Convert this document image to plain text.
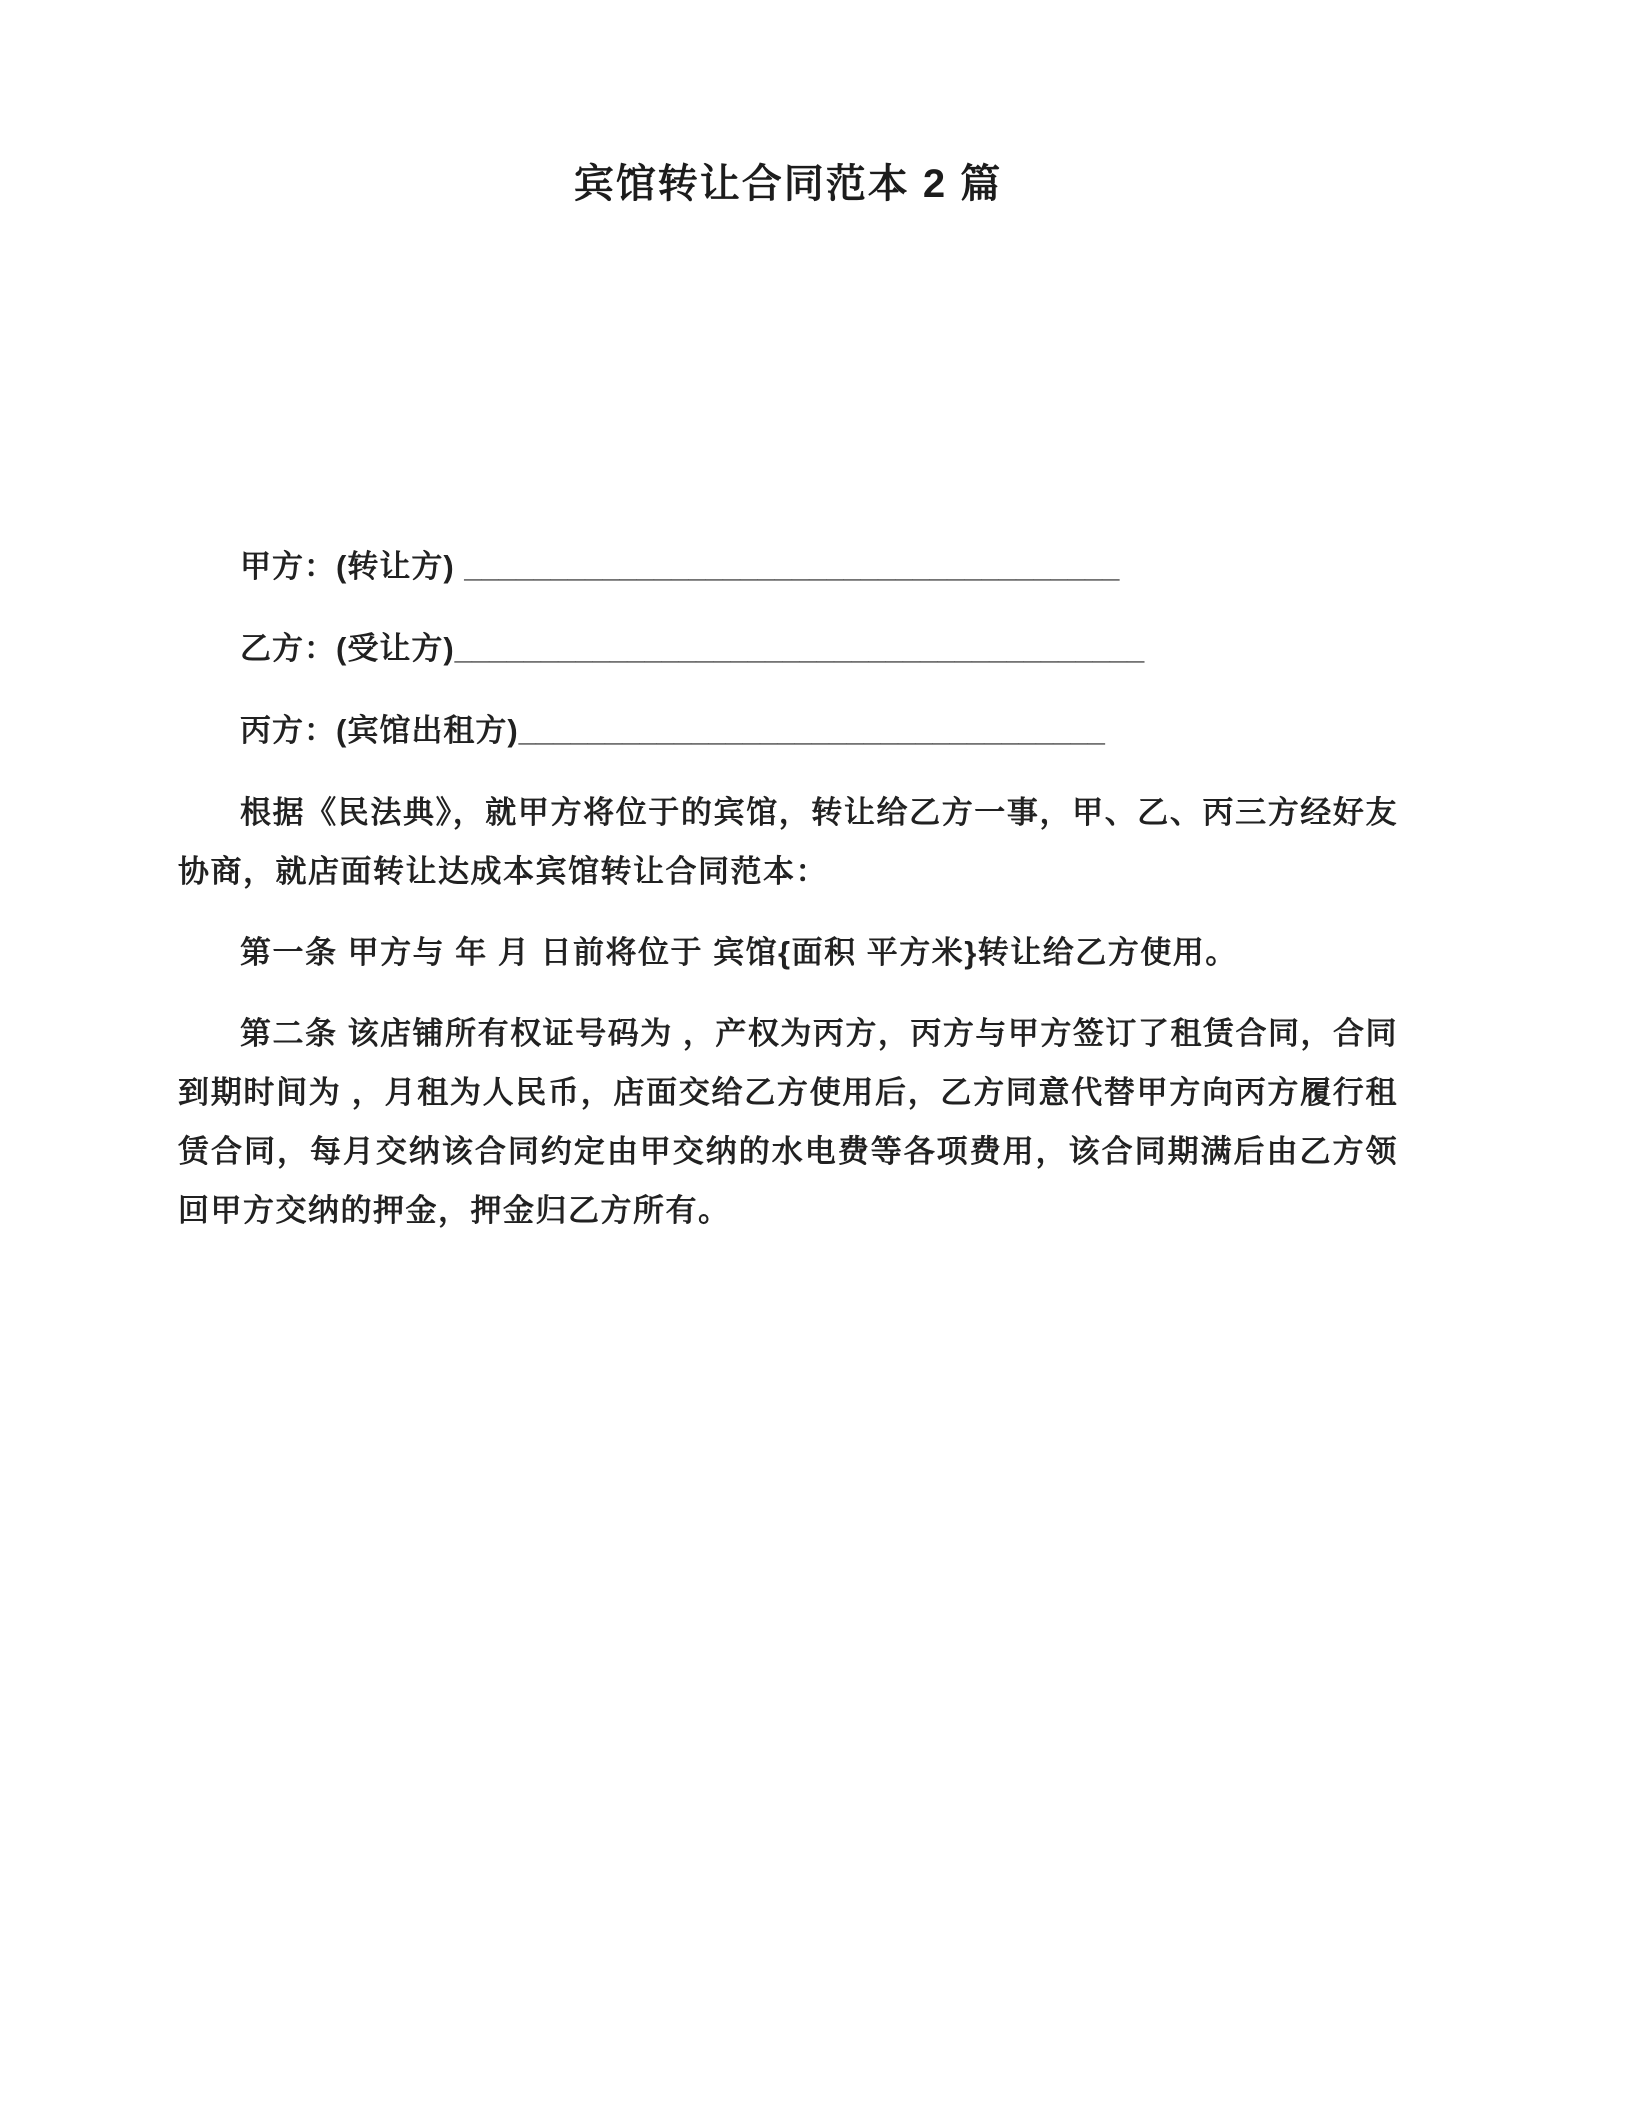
宾馆转让合同范本 2 篇
甲方：(转让方) ______________________________________
乙方：(受让方)________________________________________
丙方：(宾馆出租方)__________________________________

根据《民法典》，就甲方将位于的宾馆，转让给乙方一事，甲、乙、丙三方经好友协商，就店面转让达成本宾馆转让合同范本：

第一条 甲方与 年 月 日前将位于 宾馆{面积 平方米}转让给乙方使用。

第二条 该店铺所有权证号码为 ，产权为丙方，丙方与甲方签订了租赁合同，合同到期时间为 ，月租为人民币，店面交给乙方使用后，乙方同意代替甲方向丙方履行租赁合同，每月交纳该合同约定由甲交纳的水电费等各项费用，该合同期满后由乙方领回甲方交纳的押金，押金归乙方所有。
